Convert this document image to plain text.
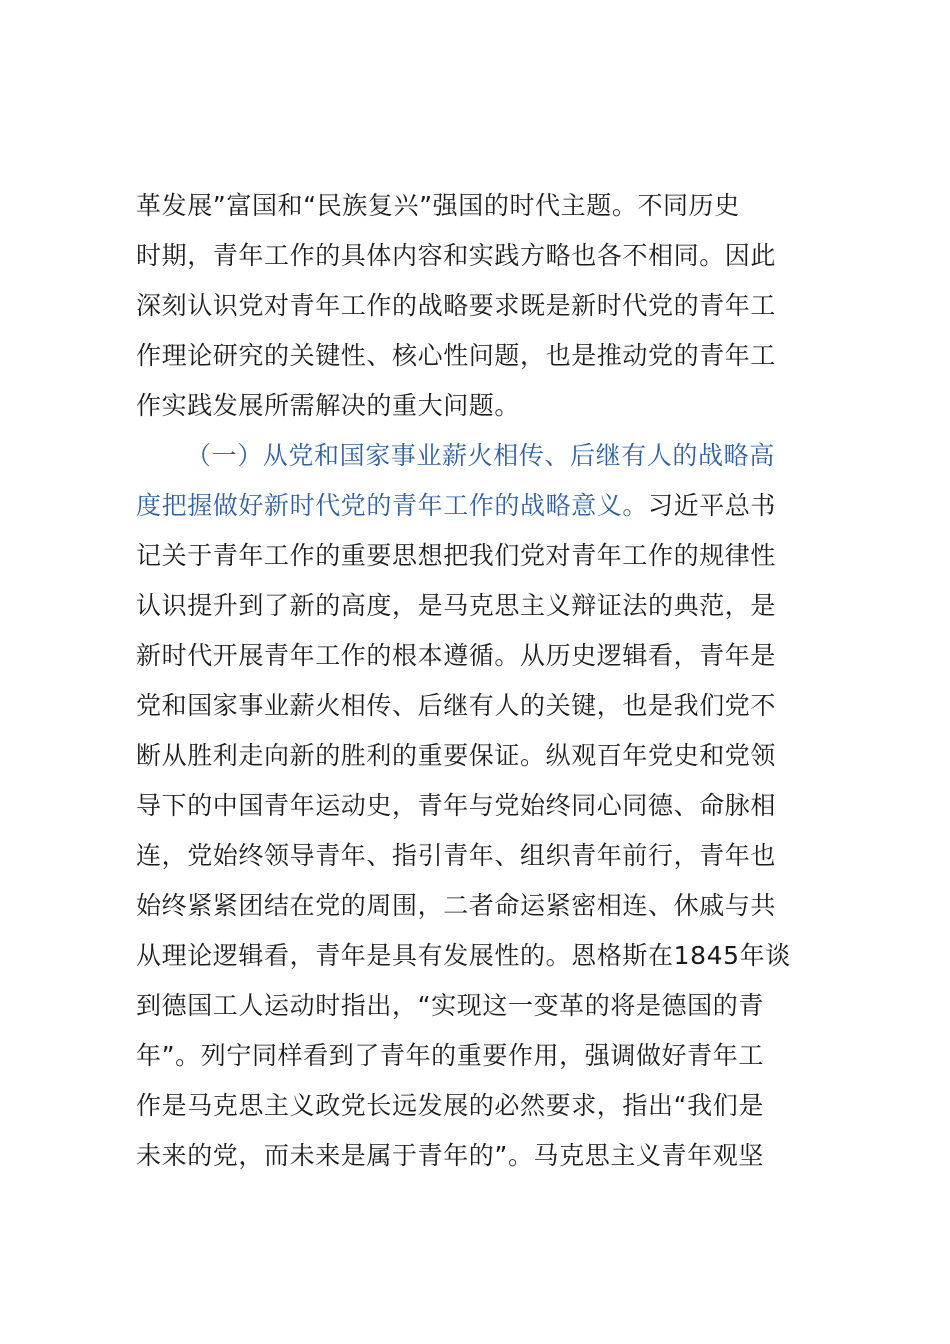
革发展”富国和“民族复兴”强国的时代主题。不同历史
时期，青年工作的具体内容和实践方略也各不相同。因此
深刻认识党对青年工作的战略要求既是新时代党的青年工
作理论研究的关键性、核心性问题，也是推动党的青年工
作实践发展所需解决的重大问题。
（一）从党和国家事业薪火相传、后继有人的战略高
度把握做好新时代党的青年工作的战略意义。习近平总书
记关于青年工作的重要思想把我们党对青年工作的规律性
认识提升到了新的高度，是马克思主义辩证法的典范，是
新时代开展青年工作的根本遵循。从历史逻辑看，青年是
党和国家事业薪火相传、后继有人的关键，也是我们党不
断从胜利走向新的胜利的重要保证。纵观百年党史和党领
导下的中国青年运动史，青年与党始终同心同德、命脉相
连，党始终领导青年、指引青年、组织青年前行，青年也
始终紧紧团结在党的周围，二者命运紧密相连、休戚与共
从理论逻辑看，青年是具有发展性的。恩格斯在1845年谈
到德国工人运动时指出，“实现这一变革的将是德国的青
年”。列宁同样看到了青年的重要作用，强调做好青年工
作是马克思主义政党长远发展的必然要求，指出“我们是
未来的党，而未来是属于青年的”。马克思主义青年观坚
